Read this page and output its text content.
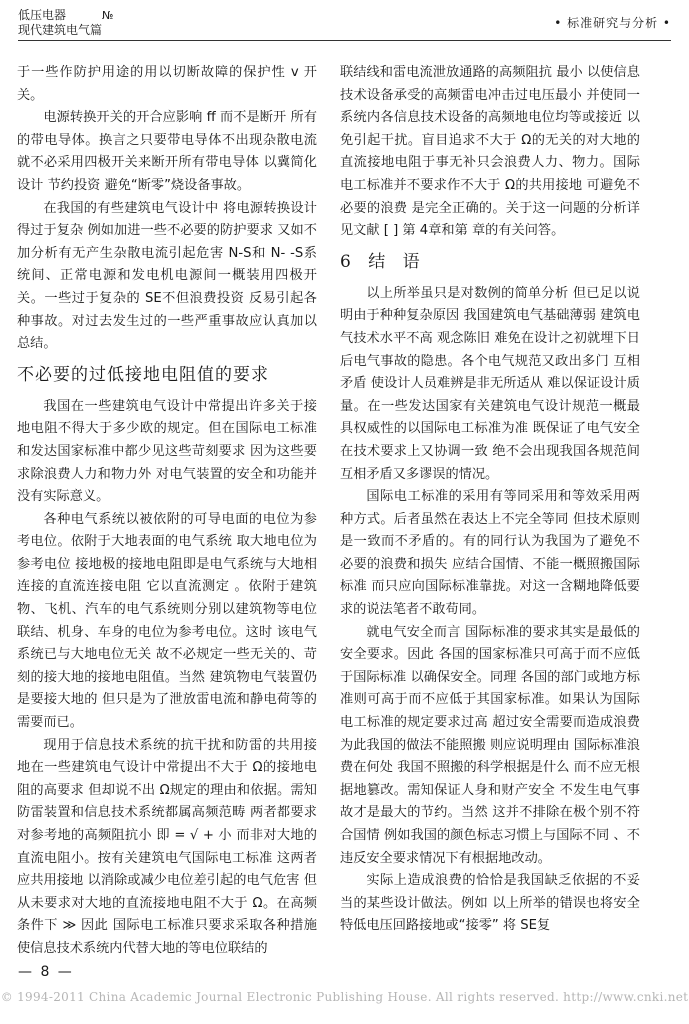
低压电器	№
现代建筑电气篇	• 标准研究与分析 •

于一些作防护用途的用以切断故障的保护性 v 开关。

电源转换开关的开合应影响 ff 而不是断开 所有的带电导体。换言之只要带电导体不出现杂散电流 就不必采用四极开关来断开所有带电导体 以冀简化设计 节约投资 避免“断零”烧设备事故。

在我国的有些建筑电气设计中 将电源转换设计得过于复杂 例如加进一些不必要的防护要求 又如不加分析有无产生杂散电流引起危害 N-S和 N- -S系统间、正常电源和发电机电源间一概装用四极开关。一些过于复杂的 SE不但浪费投资 反易引起各种事故。对过去发生过的一些严重事故应认真加以总结。

不必要的过低接地电阻值的要求

我国在一些建筑电气设计中常提出许多关于接地电阻不得大于多少欧的规定。但在国际电工标准和发达国家标准中都少见这些苛刻要求 因为这些要求除浪费人力和物力外 对电气装置的安全和功能并没有实际意义。

各种电气系统以被依附的可导电面的电位为参考电位。依附于大地表面的电气系统 取大地电位为参考电位 接地极的接地电阻即是电气系统与大地相连接的直流连接电阻 它以直流测定 。依附于建筑物、飞机、汽车的电气系统则分别以建筑物等电位联结、机身、车身的电位为参考电位。这时 该电气系统已与大地电位无关 故不必规定一些无关的、苛刻的接大地的接地电阻值。当然 建筑物电气装置仍是要接大地的 但只是为了泄放雷电流和静电荷等的需要而已。

现用于信息技术系统的抗干扰和防雷的共用接地在一些建筑电气设计中常提出不大于 Ω的接地电阻的高要求 但却说不出 Ω规定的理由和依据。需知防雷装置和信息技术系统都属高频范畴 两者都要求对参考地的高频阻抗小 即 = √ + 小 而非对大地的直流电阻小。按有关建筑电气国际电工标准 这两者应共用接地 以消除或减少电位差引起的电气危害 但从未要求对大地的直流接地电阻不大于 Ω。在高频条件下 ≫ 因此 国际电工标准只要求采取各种措施 使信息技术系统内代替大地的等电位联结的

联结线和雷电流泄放通路的高频阻抗 最小 以使信息技术设备承受的高频雷电冲击过电压最小 并使同一系统内各信息技术设备的高频地电位均等或接近 以免引起干扰。盲目追求不大于 Ω的无关的对大地的直流接地电阻于事无补只会浪费人力、物力。国际电工标准并不要求作不大于 Ω的共用接地 可避免不必要的浪费 是完全正确的。关于这一问题的分析详见文献 [ ] 第 4章和第 章的有关问答。

6 结 语

以上所举虽只是对数例的简单分析 但已足以说明由于种种复杂原因 我国建筑电气基础薄弱 建筑电气技术水平不高 观念陈旧 难免在设计之初就埋下日后电气事故的隐患。各个电气规范又政出多门 互相矛盾 使设计人员难辨是非无所适从 难以保证设计质量。在一些发达国家有关建筑电气设计规范一概最具权威性的以国际电工标准为准 既保证了电气安全 在技术要求上又协调一致 绝不会出现我国各规范间互相矛盾又多谬误的情况。

国际电工标准的采用有等同采用和等效采用两种方式。后者虽然在表达上不完全等同 但技术原则是一致而不矛盾的。有的同行认为我国为了避免不必要的浪费和损失 应结合国情、不能一概照搬国际标准 而只应向国际标准靠拢。对这一含糊地降低要求的说法笔者不敢苟同。

就电气安全而言 国际标准的要求其实是最低的安全要求。因此 各国的国家标准只可高于而不应低于国际标准 以确保安全。同理 各国的部门或地方标准则可高于而不应低于其国家标准。如果认为国际电工标准的规定要求过高 超过安全需要而造成浪费 为此我国的做法不能照搬 则应说明理由 国际标准浪费在何处 我国不照搬的科学根据是什么 而不应无根据地篡改。需知保证人身和财产安全 不发生电气事故才是最大的节约。当然 这并不排除在极个别不符合国情 例如我国的颜色标志习惯上与国际不同 、不违反安全要求情况下有根据地改动。

实际上造成浪费的恰恰是我国缺乏依据的不妥当的某些设计做法。例如 以上所举的错误也将安全特低电压回路接地或“接零” 将 SE复

— 8 —
© 1994-2011 China Academic Journal Electronic Publishing House. All rights reserved. http://www.cnki.net
